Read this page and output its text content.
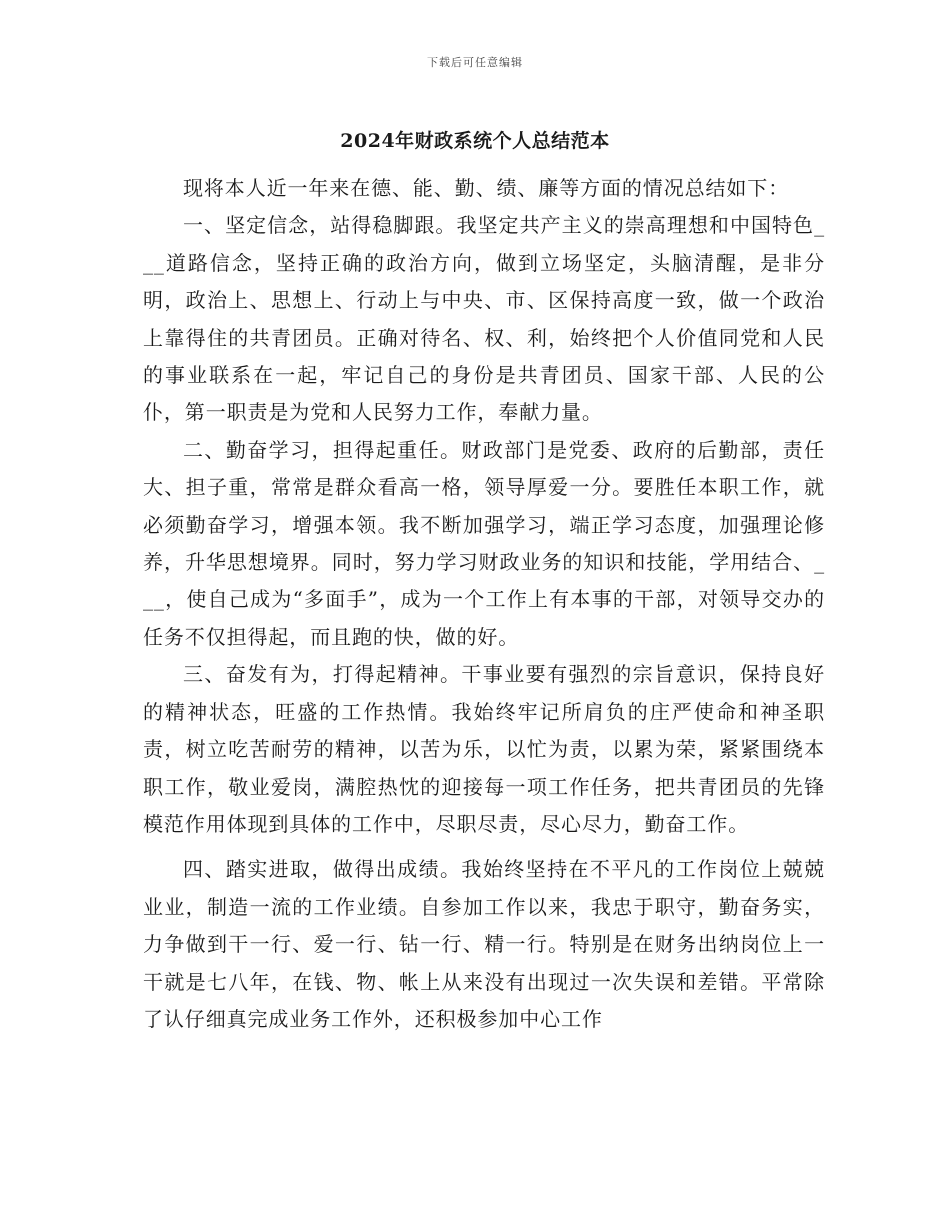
下载后可任意编辑
2024年财政系统个人总结范本

现将本人近一年来在德、能、勤、绩、廉等方面的情况总结如下：

一、坚定信念，站得稳脚跟。我坚定共产主义的崇高理想和中国特色___道路信念，坚持正确的政治方向，做到立场坚定，头脑清醒，是非分明，政治上、思想上、行动上与中央、市、区保持高度一致，做一个政治上靠得住的共青团员。正确对待名、权、利，始终把个人价值同党和人民的事业联系在一起，牢记自己的身份是共青团员、国家干部、人民的公仆，第一职责是为党和人民努力工作，奉献力量。

二、勤奋学习，担得起重任。财政部门是党委、政府的后勤部，责任大、担子重，常常是群众看高一格，领导厚爱一分。要胜任本职工作，就必须勤奋学习，增强本领。我不断加强学习，端正学习态度，加强理论修养，升华思想境界。同时，努力学习财政业务的知识和技能，学用结合、___，使自己成为“多面手”，成为一个工作上有本事的干部，对领导交办的任务不仅担得起，而且跑的快，做的好。

三、奋发有为，打得起精神。干事业要有强烈的宗旨意识，保持良好的精神状态，旺盛的工作热情。我始终牢记所肩负的庄严使命和神圣职责，树立吃苦耐劳的精神，以苦为乐，以忙为责，以累为荣，紧紧围绕本职工作，敬业爱岗，满腔热忱的迎接每一项工作任务，把共青团员的先锋模范作用体现到具体的工作中，尽职尽责，尽心尽力，勤奋工作。

四、踏实进取，做得出成绩。我始终坚持在不平凡的工作岗位上兢兢业业，制造一流的工作业绩。自参加工作以来，我忠于职守，勤奋务实，力争做到干一行、爱一行、钻一行、精一行。特别是在财务出纳岗位上一干就是七八年，在钱、物、帐上从来没有出现过一次失误和差错。平常除了认仔细真完成业务工作外，还积极参加中心工作
